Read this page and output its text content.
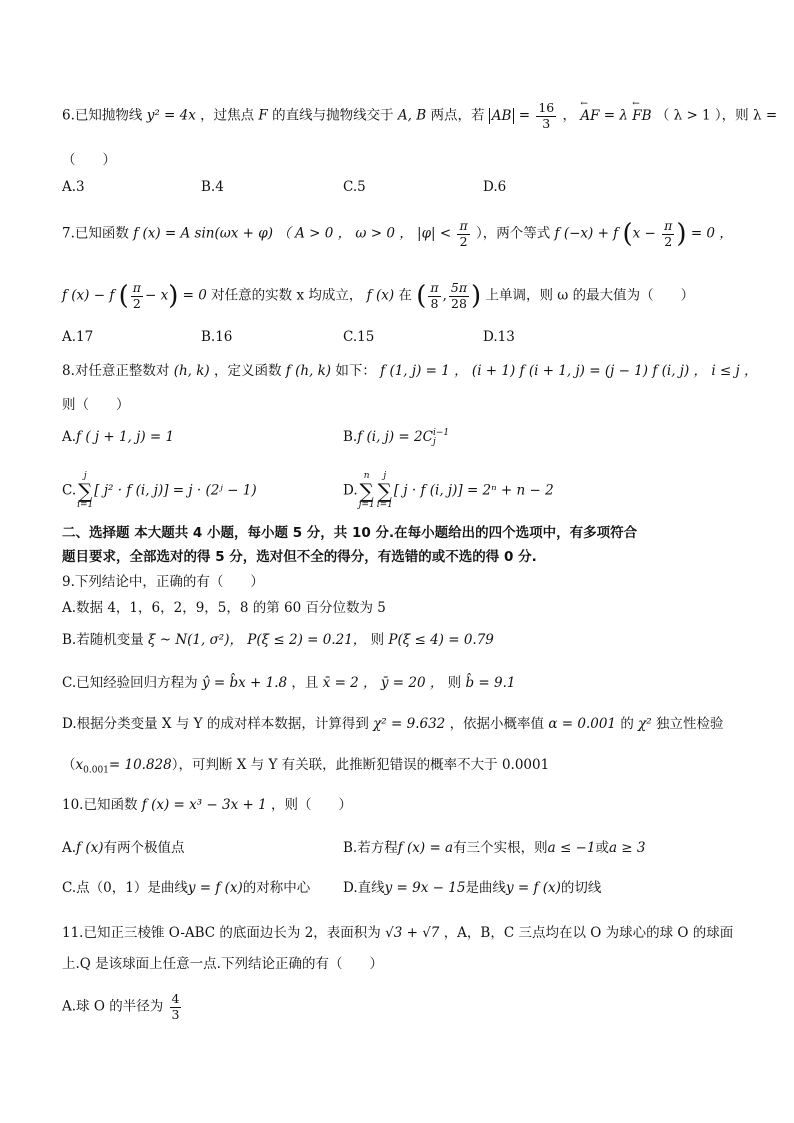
6.已知抛物线 y² = 4x ，过焦点 F 的直线与抛物线交于 A, B 两点，若 AB = $\frac{16}{3}$ ， ← AF = λ ← FB （ λ > 1 ），则 λ =
（　　）
A.3	B.4	C.5	D.6
7.已知函数 f (x) = A sin(ωx + φ) （ A > 0 ， ω > 0 ， $|\varphi| < \frac{\pi}{2}$ ），两个等式 f (−x) + f ($x - \frac{\pi}{2}$ ) = 0 ，
f (x) − f ( $\frac{\pi}{2} - x) = 0$ 对任意的实数 x 均成立， f (x) 在 ( $\frac{\pi}{8}$ , $\frac{5\pi}{28}$ ) 上单调，则 ω 的最大值为（　　）
A.17	B.16	C.15	D.13
8.对任意正整数对 (h, k) ，定义函数 f (h, k) 如下： f (1, j) = 1 ， (i + 1) f (i + 1, j) = (j − 1) f (i, j) ， i ≤ j ，
则（　　）
A.f ( j + 1, j) = 1	B.f (i, j) = 2C i−1
j
C.
j
∑
i=1
[ j² · f (i, j)] = j · (2ʲ − 1)	D.
n
∑
j=1
j
∑
i=1
[ j · f (i, j)] = 2ⁿ + n − 2
二、选择题 本大题共 4 小题，每小题 5 分，共 10 分.在每小题给出的四个选项中，有多项符合
题目要求，全部选对的得 5 分，选对但不全的得分，有选错的或不选的得 0 分.
9.下列结论中，正确的有（　　）
A.数据 4，1，6，2，9，5，8 的第 60 百分位数为 5
B.若随机变量 ξ ~ N(1, σ²)， P(ξ ≤ 2) = 0.21， 则 P(ξ ≤ 4) = 0.79
C.已知经验回归方程为 ŷ = b̂x + 1.8 ，且 x̄ = 2 ， ȳ = 20 ， 则 b̂ = 9.1
D.根据分类变量 X 与 Y 的成对样本数据，计算得到 χ² = 9.632 ，依据小概率值 α = 0.001 的 χ² 独立性检验
$(x_{0.001}= 10.828)$，可判断 X 与 Y 有关联，此推断犯错误的概率不大于 0.0001
10.已知函数 f (x) = x³ − 3x + 1 ，则（　　）
A.f (x)有两个极值点	B.若方程f (x) = a有三个实根，则a ≤ −1或a ≥ 3
C.点（0，1）是曲线y = f (x)的对称中心 D.直线y = 9x − 15是曲线y = f (x)的切线
11.已知正三棱锥 O-ABC 的底面边长为 2，表面积为 √3 + √7 ，A，B，C 三点均在以 O 为球心的球 O 的球面
上.Q 是该球面上任意一点.下列结论正确的有（　　）
A.球 O 的半径为 $\frac{4}{3}$
